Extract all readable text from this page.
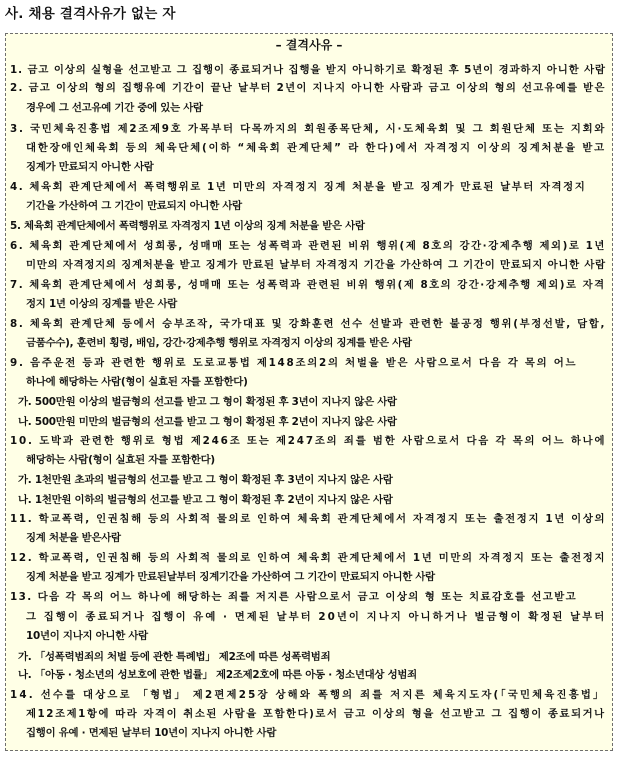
사. 채용 결격사유가 없는 자
– 결격사유 –
1. 금고 이상의 실형을 선고받고 그 집행이 종료되거나 집행을 받지 아니하기로 확정된 후 5년이 경과하지 아니한 사람
2. 금고 이상의 형의 집행유예 기간이 끝난 날부터 2년이 지나지 아니한 사람과 금고 이상의 형의 선고유예를 받은
경우에 그 선고유예 기간 중에 있는 사람
3. 국민체육진흥법 제2조제9호 가목부터 다목까지의 회원종목단체, 시·도체육회 및 그 회원단체 또는 지회와
대한장애인체육회 등의 체육단체(이하 “체육회 관계단체” 라 한다)에서 자격정지 이상의 징계처분을 받고
징계가 만료되지 아니한 사람
4. 체육회 관계단체에서 폭력행위로 1년 미만의 자격정지 징계 처분을 받고 징계가 만료된 날부터 자격정지
기간을 가산하여 그 기간이 만료되지 아니한 사람
5. 체육회 관계단체에서 폭력행위로 자격정지 1년 이상의 징계 처분을 받은 사람
6. 체육회 관계단체에서 성희롱, 성매매 또는 성폭력과 관련된 비위 행위(제 8호의 강간·강제추행 제외)로 1년
미만의 자격정지의 징계처분을 받고 징계가 만료된 날부터 자격정지 기간을 가산하여 그 기간이 만료되지 아니한 사람
7. 체육회 관계단체에서 성희롱, 성매매 또는 성폭력과 관련된 비위 행위(제 8호의 강간·강제추행 제외)로 자격
정지 1년 이상의 징계를 받은 사람
8. 체육회 관계단체 등에서 승부조작, 국가대표 및 강화훈련 선수 선발과 관련한 불공정 행위(부정선발, 담합,
금품수수), 훈련비 횡령, 배임, 강간·강제추행 행위로 자격정지 이상의 징계를 받은 사람
9. 음주운전 등과 관련한 행위로 도로교통법 제148조의2의 처벌을 받은 사람으로서 다음 각 목의 어느
하나에 해당하는 사람(형이 실효된 자를 포함한다)
가. 500만원 이상의 벌금형의 선고를 받고 그 형이 확정된 후 3년이 지나지 않은 사람
나. 500만원 미만의 벌금형의 선고를 받고 그 형이 확정된 후 2년이 지나지 않은 사람
10. 도박과 관련한 행위로 형법 제246조 또는 제247조의 죄를 범한 사람으로서 다음 각 목의 어느 하나에
해당하는 사람(형이 실효된 자를 포함한다)
가. 1천만원 초과의 벌금형의 선고를 받고 그 형이 확정된 후 3년이 지나지 않은 사람
나. 1천만원 이하의 벌금형의 선고를 받고 그 형이 확정된 후 2년이 지나지 않은 사람
11. 학교폭력, 인권침해 등의 사회적 물의로 인하여 체육회 관계단체에서 자격정지 또는 출전정지 1년 이상의
징계 처분을 받은사람
12. 학교폭력, 인권침해 등의 사회적 물의로 인하여 체육회 관계단체에서 1년 미만의 자격정지 또는 출전정지
징계 처분을 받고 징계가 만료된날부터 징계기간을 가산하여 그 기간이 만료되지 아니한 사람
13. 다음 각 목의 어느 하나에 해당하는 죄를 저지른 사람으로서 금고 이상의 형 또는 치료감호를 선고받고
그 집행이 종료되거나 집행이 유예 · 면제된 날부터 20년이 지나지 아니하거나 벌금형이 확정된 날부터
10년이 지나지 아니한 사람
가. 「성폭력범죄의 처벌 등에 관한 특례법」 제2조에 따른 성폭력범죄
나. 「아동 · 청소년의 성보호에 관한 법률」 제2조제2호에 따른 아동 · 청소년대상 성범죄
14. 선수를 대상으로 「형법」 제2편제25장 상해와 폭행의 죄를 저지른 체육지도자(「국민체육진흥법」
제12조제1항에 따라 자격이 취소된 사람을 포함한다)로서 금고 이상의 형을 선고받고 그 집행이 종료되거나
집행이 유예 · 면제된 날부터 10년이 지나지 아니한 사람
